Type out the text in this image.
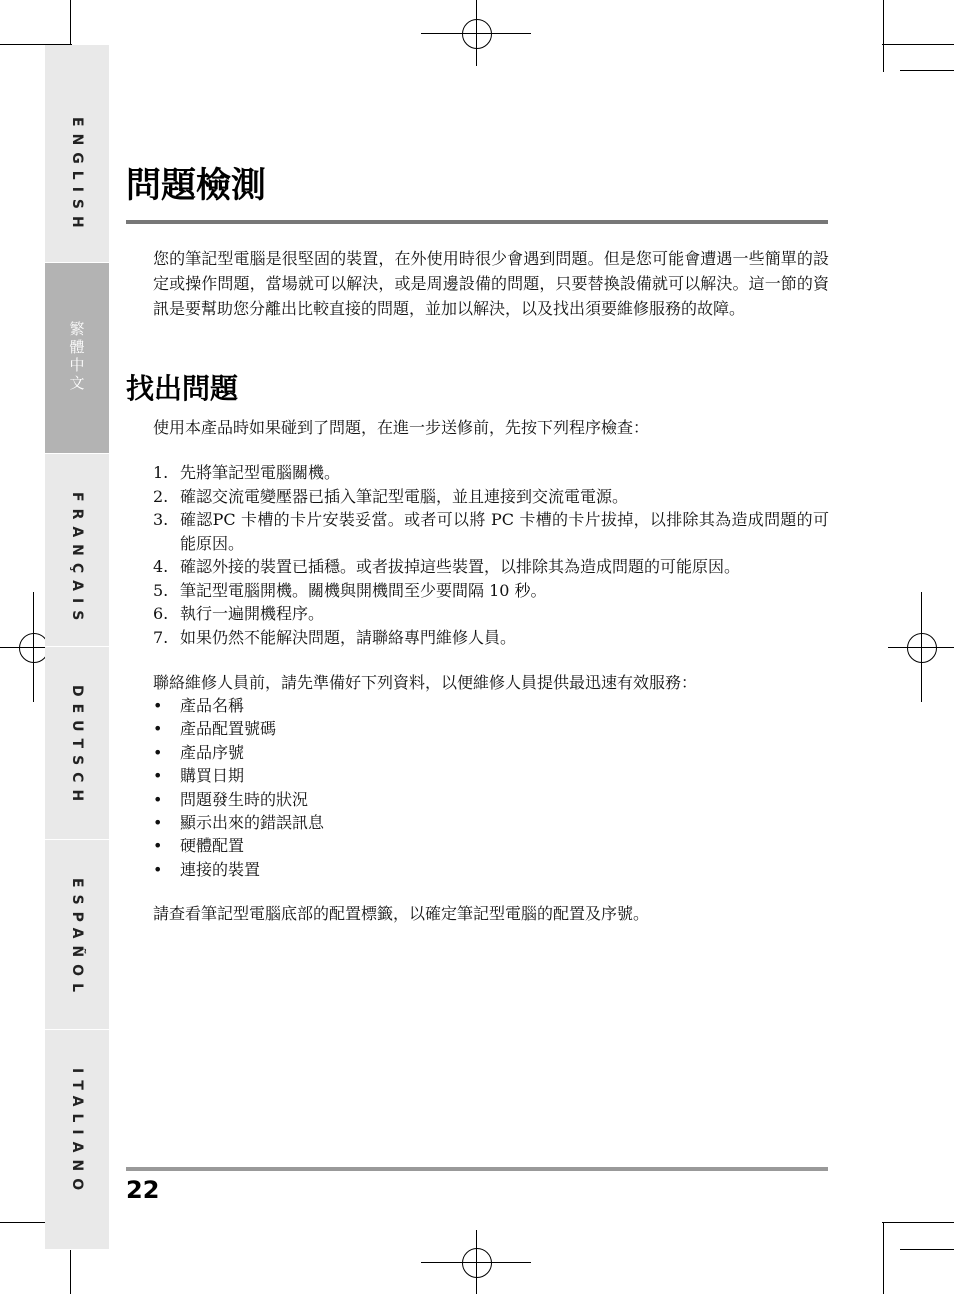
ENGLISH
繁體中文
FRANÇAIS
DEUTSCH
ESPAÑOL
ITALIANO
問題檢測

您的筆記型電腦是很堅固的裝置，在外使用時很少會遇到問題。但是您可能會遭遇一些簡單的設定或操作問題，當場就可以解決，或是周邊設備的問題，只要替換設備就可以解決。這一節的資訊是要幫助您分離出比較直接的問題，並加以解決，以及找出須要維修服務的故障。

找出問題

使用本產品時如果碰到了問題，在進一步送修前，先按下列程序檢查：

1. 先將筆記型電腦關機。
2. 確認交流電變壓器已插入筆記型電腦，並且連接到交流電電源。
3. 確認PC 卡槽的卡片安裝妥當。或者可以將 PC 卡槽的卡片拔掉，以排除其為造成問題的可能原因。
4. 確認外接的裝置已插穩。或者拔掉這些裝置，以排除其為造成問題的可能原因。
5. 筆記型電腦開機。關機與開機間至少要間隔 10 秒。
6. 執行一遍開機程序。
7. 如果仍然不能解決問題，請聯絡專門維修人員。

聯絡維修人員前，請先準備好下列資料，以便維修人員提供最迅速有效服務：

• 產品名稱
• 產品配置號碼
• 產品序號
• 購買日期
• 問題發生時的狀況
• 顯示出來的錯誤訊息
• 硬體配置
• 連接的裝置

請查看筆記型電腦底部的配置標籤，以確定筆記型電腦的配置及序號。

22
